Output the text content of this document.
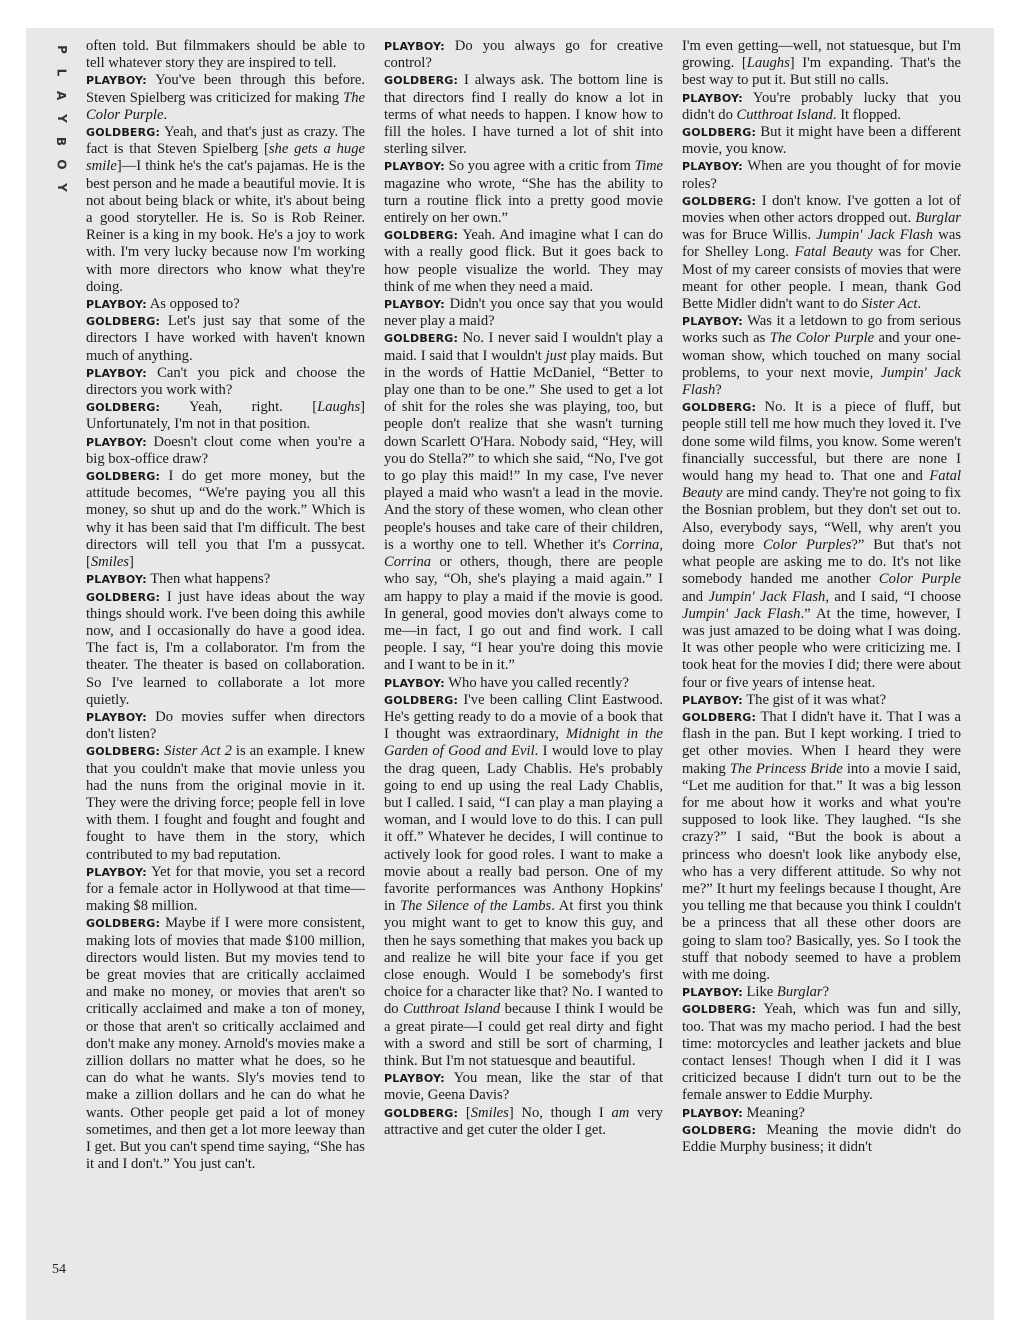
P
L
A
Y
B
O
Y

often told. But filmmakers should be able to tell whatever story they are inspired to tell.

PLAYBOY: You've been through this before. Steven Spielberg was criticized for making The Color Purple.

GOLDBERG: Yeah, and that's just as crazy. The fact is that Steven Spielberg [she gets a huge smile]—I think he's the cat's pajamas. He is the best person and he made a beautiful movie. It is not about being black or white, it's about being a good storyteller. He is. So is Rob Reiner. Reiner is a king in my book. He's a joy to work with. I'm very lucky because now I'm working with more directors who know what they're doing.

PLAYBOY: As opposed to?

GOLDBERG: Let's just say that some of the directors I have worked with haven't known much of anything.

PLAYBOY: Can't you pick and choose the directors you work with?

GOLDBERG: Yeah, right. [Laughs] Unfortunately, I'm not in that position.

PLAYBOY: Doesn't clout come when you're a big box-office draw?

GOLDBERG: I do get more money, but the attitude becomes, “We're paying you all this money, so shut up and do the work.” Which is why it has been said that I'm difficult. The best directors will tell you that I'm a pussycat. [Smiles]

PLAYBOY: Then what happens?

GOLDBERG: I just have ideas about the way things should work. I've been doing this awhile now, and I occasionally do have a good idea. The fact is, I'm a collaborator. I'm from the theater. The theater is based on collaboration. So I've learned to collaborate a lot more quietly.

PLAYBOY: Do movies suffer when directors don't listen?

GOLDBERG: Sister Act 2 is an example. I knew that you couldn't make that movie unless you had the nuns from the original movie in it. They were the driving force; people fell in love with them. I fought and fought and fought and fought to have them in the story, which contributed to my bad reputation.

PLAYBOY: Yet for that movie, you set a record for a female actor in Hollywood at that time—making $8 million.

GOLDBERG: Maybe if I were more consistent, making lots of movies that made $100 million, directors would listen. But my movies tend to be great movies that are critically acclaimed and make no money, or movies that aren't so critically acclaimed and make a ton of money, or those that aren't so critically acclaimed and don't make any money. Arnold's movies make a zillion dollars no matter what he does, so he can do what he wants. Sly's movies tend to make a zillion dollars and he can do what he wants. Other people get paid a lot of money sometimes, and then get a lot more leeway than I get. But you can't spend time saying, “She has it and I don't.” You just can't.

PLAYBOY: Do you always go for creative control?

GOLDBERG: I always ask. The bottom line is that directors find I really do know a lot in terms of what needs to happen. I know how to fill the holes. I have turned a lot of shit into sterling silver.

PLAYBOY: So you agree with a critic from Time magazine who wrote, “She has the ability to turn a routine flick into a pretty good movie entirely on her own.”

GOLDBERG: Yeah. And imagine what I can do with a really good flick. But it goes back to how people visualize the world. They may think of me when they need a maid.

PLAYBOY: Didn't you once say that you would never play a maid?

GOLDBERG: No. I never said I wouldn't play a maid. I said that I wouldn't just play maids. But in the words of Hattie McDaniel, “Better to play one than to be one.” She used to get a lot of shit for the roles she was playing, too, but people don't realize that she wasn't turning down Scarlett O'Hara. Nobody said, “Hey, will you do Stella?” to which she said, “No, I've got to go play this maid!” In my case, I've never played a maid who wasn't a lead in the movie. And the story of these women, who clean other people's houses and take care of their children, is a worthy one to tell. Whether it's Corrina, Corrina or others, though, there are people who say, “Oh, she's playing a maid again.” I am happy to play a maid if the movie is good. In general, good movies don't always come to me—in fact, I go out and find work. I call people. I say, “I hear you're doing this movie and I want to be in it.”

PLAYBOY: Who have you called recently?

GOLDBERG: I've been calling Clint Eastwood. He's getting ready to do a movie of a book that I thought was extraordinary, Midnight in the Garden of Good and Evil. I would love to play the drag queen, Lady Chablis. He's probably going to end up using the real Lady Chablis, but I called. I said, “I can play a man playing a woman, and I would love to do this. I can pull it off.” Whatever he decides, I will continue to actively look for good roles. I want to make a movie about a really bad person. One of my favorite performances was Anthony Hopkins' in The Silence of the Lambs. At first you think you might want to get to know this guy, and then he says something that makes you back up and realize he will bite your face if you get close enough. Would I be somebody's first choice for a character like that? No. I wanted to do Cutthroat Island because I think I would be a great pirate—I could get real dirty and fight with a sword and still be sort of charming, I think. But I'm not statuesque and beautiful.

PLAYBOY: You mean, like the star of that movie, Geena Davis?

GOLDBERG: [Smiles] No, though I am very attractive and get cuter the older I get.

I'm even getting—well, not statuesque, but I'm growing. [Laughs] I'm expanding. That's the best way to put it. But still no calls.

PLAYBOY: You're probably lucky that you didn't do Cutthroat Island. It flopped.

GOLDBERG: But it might have been a different movie, you know.

PLAYBOY: When are you thought of for movie roles?

GOLDBERG: I don't know. I've gotten a lot of movies when other actors dropped out. Burglar was for Bruce Willis. Jumpin' Jack Flash was for Shelley Long. Fatal Beauty was for Cher. Most of my career consists of movies that were meant for other people. I mean, thank God Bette Midler didn't want to do Sister Act.

PLAYBOY: Was it a letdown to go from serious works such as The Color Purple and your one-woman show, which touched on many social problems, to your next movie, Jumpin' Jack Flash?

GOLDBERG: No. It is a piece of fluff, but people still tell me how much they loved it. I've done some wild films, you know. Some weren't financially successful, but there are none I would hang my head to. That one and Fatal Beauty are mind candy. They're not going to fix the Bosnian problem, but they don't set out to. Also, everybody says, “Well, why aren't you doing more Color Purples?” But that's not what people are asking me to do. It's not like somebody handed me another Color Purple and Jumpin' Jack Flash, and I said, “I choose Jumpin' Jack Flash.” At the time, however, I was just amazed to be doing what I was doing. It was other people who were criticizing me. I took heat for the movies I did; there were about four or five years of intense heat.

PLAYBOY: The gist of it was what?

GOLDBERG: That I didn't have it. That I was a flash in the pan. But I kept working. I tried to get other movies. When I heard they were making The Princess Bride into a movie I said, “Let me audition for that.” It was a big lesson for me about how it works and what you're supposed to look like. They laughed. “Is she crazy?” I said, “But the book is about a princess who doesn't look like anybody else, who has a very different attitude. So why not me?” It hurt my feelings because I thought, Are you telling me that because you think I couldn't be a princess that all these other doors are going to slam too? Basically, yes. So I took the stuff that nobody seemed to have a problem with me doing.

PLAYBOY: Like Burglar?

GOLDBERG: Yeah, which was fun and silly, too. That was my macho period. I had the best time: motorcycles and leather jackets and blue contact lenses! Though when I did it I was criticized because I didn't turn out to be the female answer to Eddie Murphy.

PLAYBOY: Meaning?

GOLDBERG: Meaning the movie didn't do Eddie Murphy business; it didn't

54
